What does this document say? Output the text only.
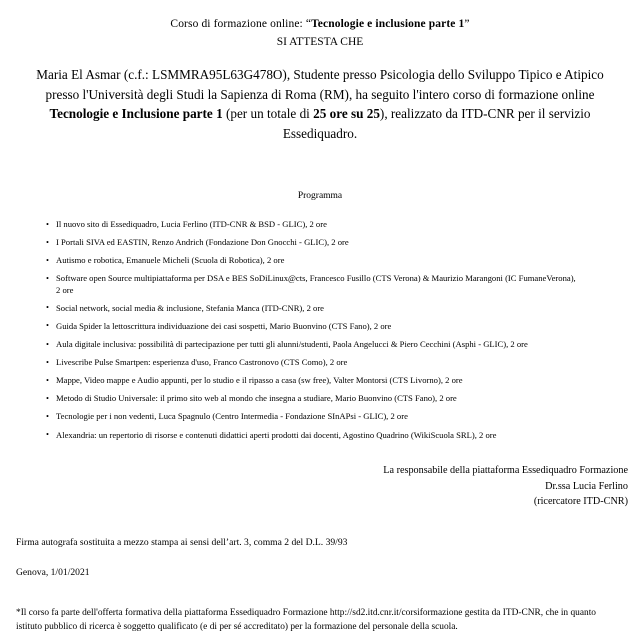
Corso di formazione online: “Tecnologie e inclusione parte 1”
SI ATTESTA CHE
Maria El Asmar (c.f.: LSMMRA95L63G478O), Studente presso Psicologia dello Sviluppo Tipico e Atipico presso l'Università degli Studi la Sapienza di Roma (RM), ha seguito l'intero corso di formazione online Tecnologie e Inclusione parte 1 (per un totale di 25 ore su 25), realizzato da ITD-CNR per il servizio Essediquadro.
Programma
• Il nuovo sito di Essediquadro, Lucia Ferlino (ITD-CNR & BSD - GLIC), 2 ore
• I Portali SIVA ed EASTIN, Renzo Andrich (Fondazione Don Gnocchi - GLIC), 2 ore
• Autismo e robotica, Emanuele Micheli (Scuola di Robotica), 2 ore
• Software open Source multipiattaforma per DSA e BES SoDiLinux@cts, Francesco Fusillo (CTS Verona) & Maurizio Marangoni (IC FumaneVerona), 2 ore
• Social network, social media & inclusione, Stefania Manca (ITD-CNR), 2 ore
• Guida Spider la lettoscrittura individuazione dei casi sospetti, Mario Buonvino (CTS Fano), 2 ore
• Aula digitale inclusiva: possibilità di partecipazione per tutti gli alunni/studenti, Paola Angelucci & Piero Cecchini (Asphi - GLIC), 2 ore
• Livescribe Pulse Smartpen: esperienza d'uso, Franco Castronovo (CTS Como), 2 ore
• Mappe, Video mappe e Audio appunti, per lo studio e il ripasso a casa (sw free), Valter Montorsi (CTS Livorno), 2 ore
• Metodo di Studio Universale: il primo sito web al mondo che insegna a studiare, Mario Buonvino (CTS Fano), 2 ore
• Tecnologie per i non vedenti, Luca Spagnulo (Centro Intermedia - Fondazione SInAPsi - GLIC), 2 ore
• Alexandria: un repertorio di risorse e contenuti didattici aperti prodotti dai docenti, Agostino Quadrino (WikiScuola SRL), 2 ore
La responsabile della piattaforma Essediquadro Formazione
Dr.ssa Lucia Ferlino
(ricercatore ITD-CNR)
Firma autografa sostituita a mezzo stampa ai sensi dell’art. 3, comma 2 del D.L. 39/93
Genova, 1/01/2021
*Il corso fa parte dell'offerta formativa della piattaforma Essediquadro Formazione http://sd2.itd.cnr.it/corsiformazione gestita da ITD-CNR, che in quanto istituto pubblico di ricerca è soggetto qualificato (e di per sé accreditato) per la formazione del personale della scuola.
